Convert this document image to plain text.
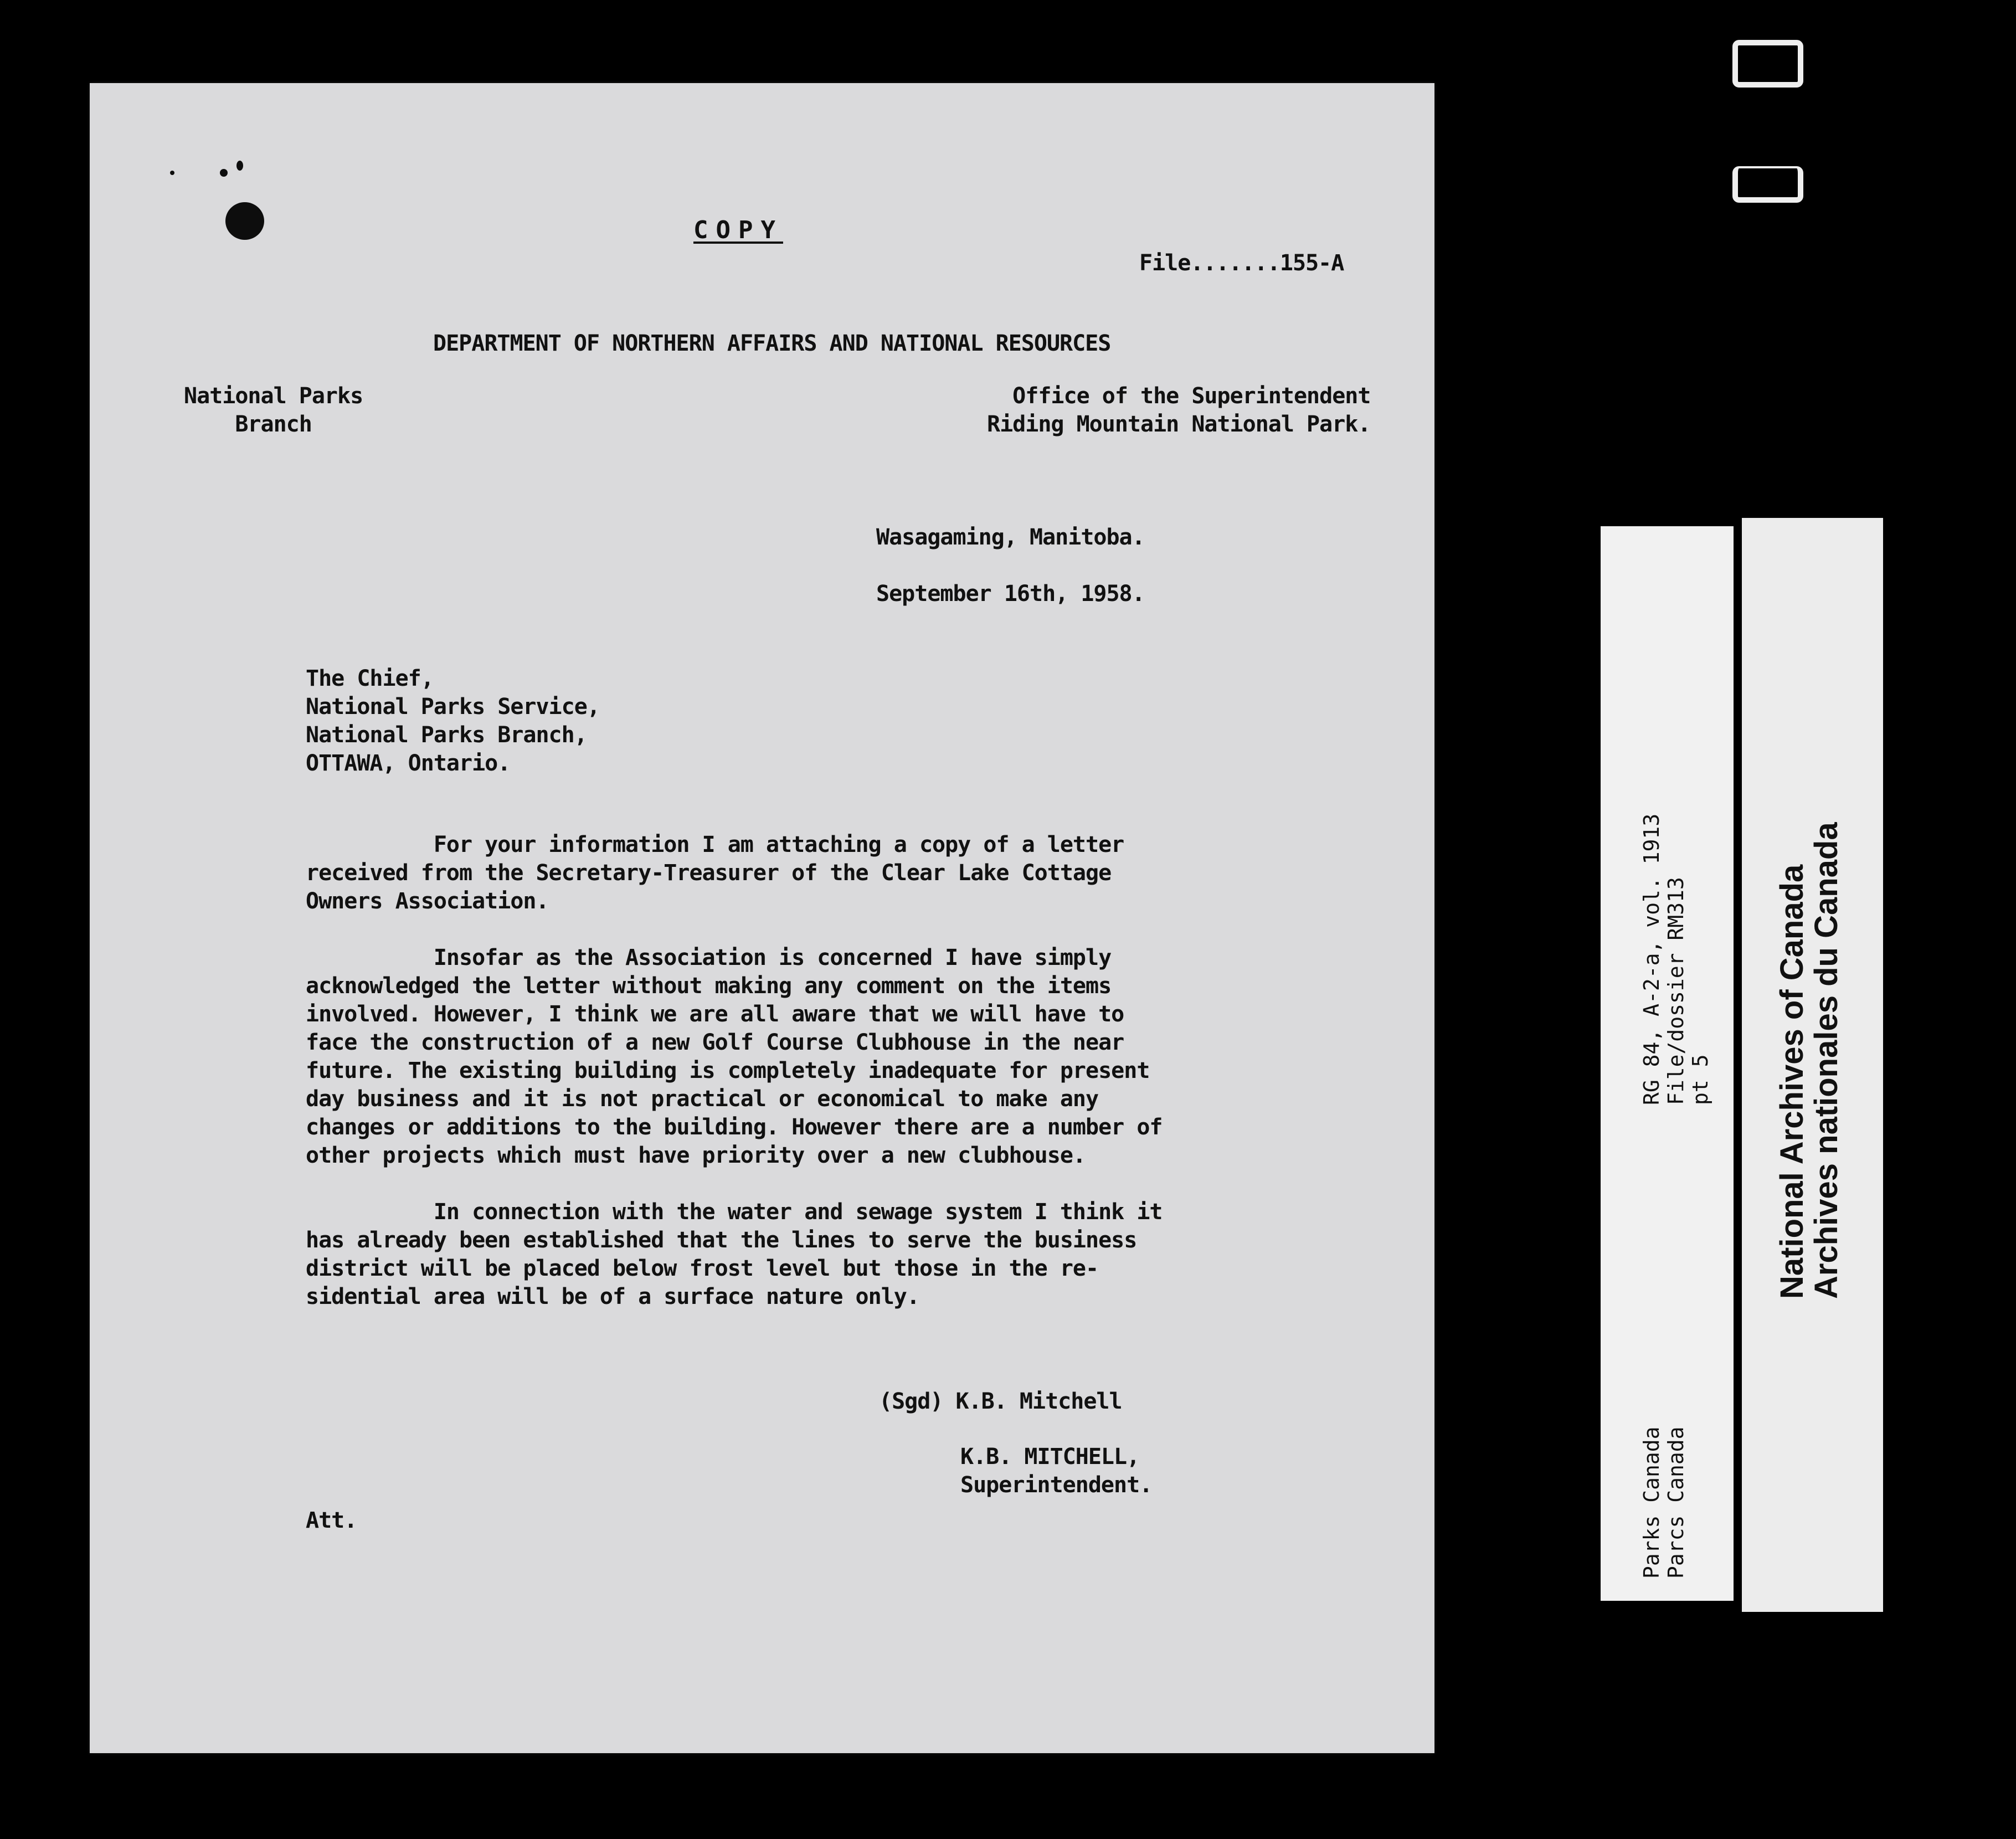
COPY
File.......155-A
DEPARTMENT OF NORTHERN AFFAIRS AND NATIONAL RESOURCES
National Parks
Branch
Office of the Superintendent
Riding Mountain National Park.
Wasagaming, Manitoba.
September 16th, 1958.
The Chief,
National Parks Service,
National Parks Branch,
OTTAWA, Ontario.
For your information I am attaching a copy of a letter
received from the Secretary-Treasurer of the Clear Lake Cottage
Owners Association.

Insofar as the Association is concerned I have simply
acknowledged the letter without making any comment on the items
involved. However, I think we are all aware that we will have to
face the construction of a new Golf Course Clubhouse in the near
future. The existing building is completely inadequate for present
day business and it is not practical or economical to make any
changes or additions to the building. However there are a number of
other projects which must have priority over a new clubhouse.

In connection with the water and sewage system I think it
has already been established that the lines to serve the business
district will be placed below frost level but those in the re-
sidential area will be of a surface nature only.
(Sgd) K.B. Mitchell
K.B. MITCHELL,
Superintendent.
Att.
RG 84, A-2-a, vol. 1913
File/dossier RM313
pt 5
Parks Canada
Parcs Canada
National Archives of Canada
Archives nationales du Canada
